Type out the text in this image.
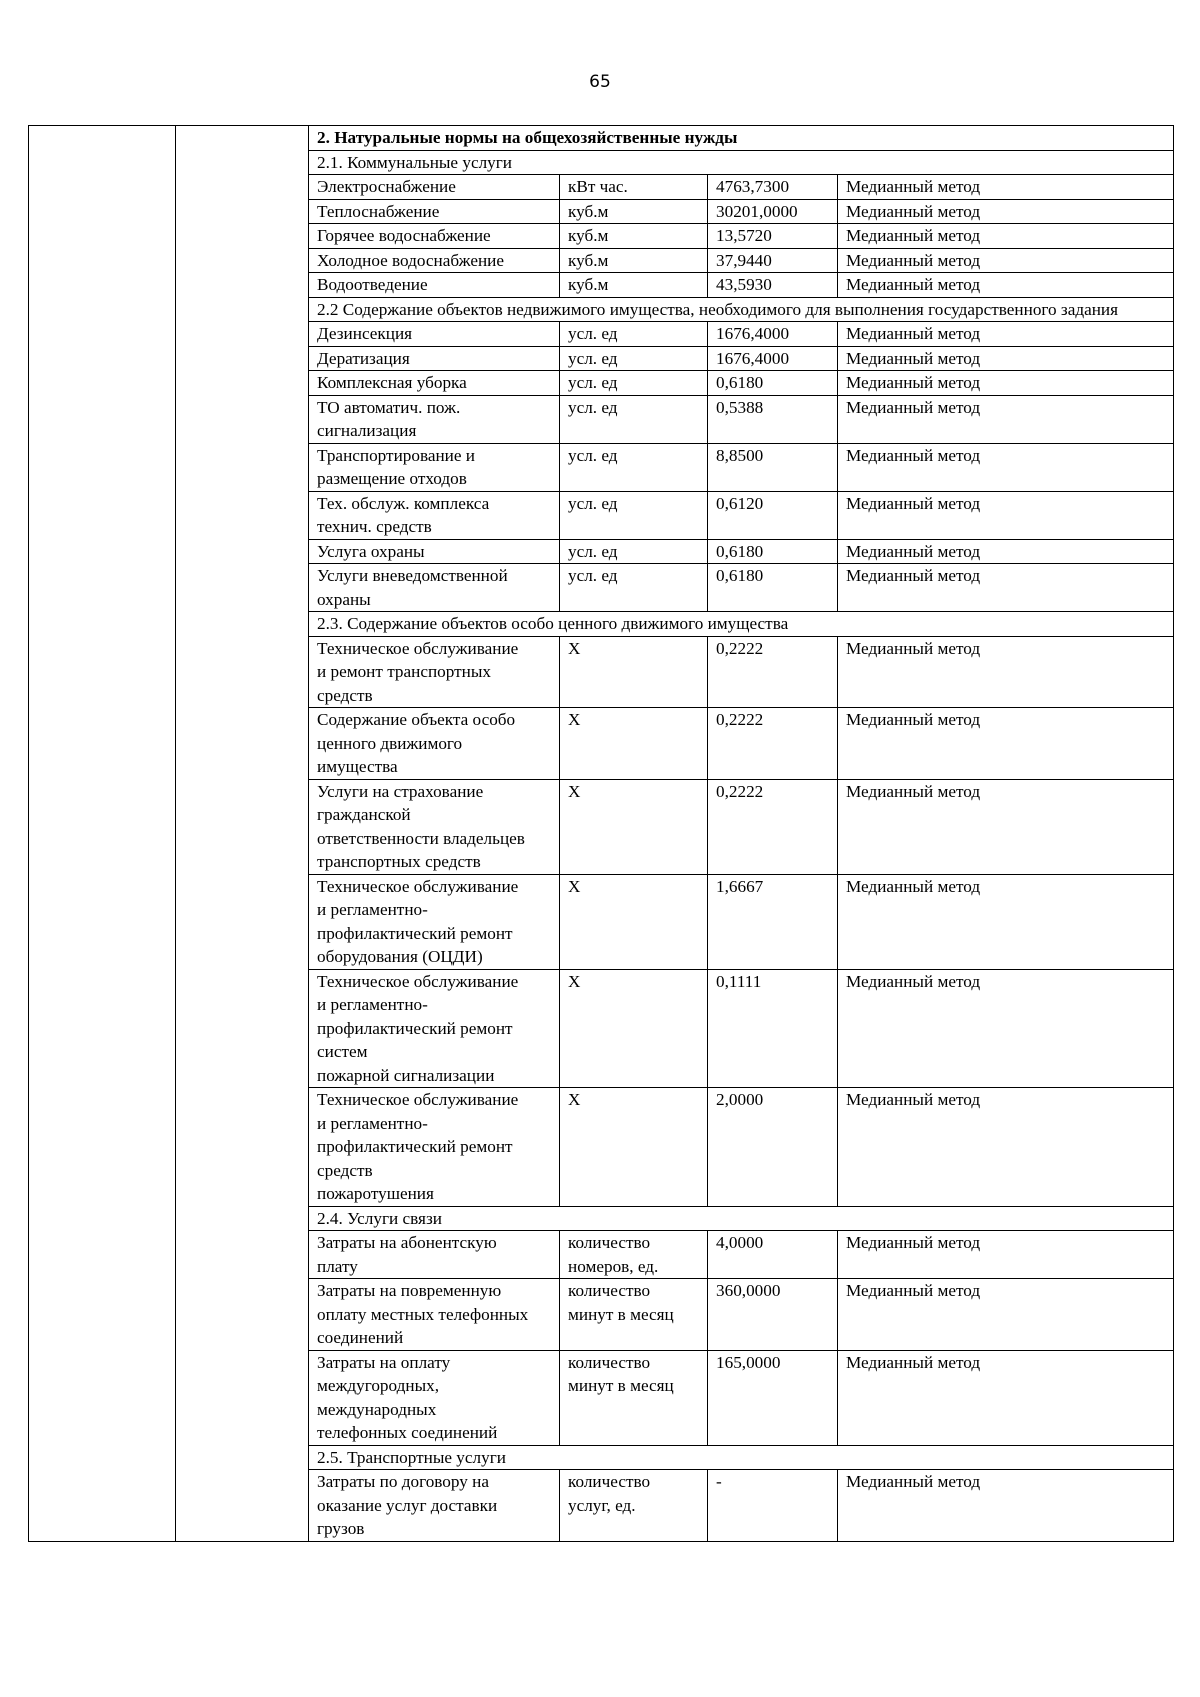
65
		2. Натуральные нормы на общехозяйственные нужды			
		2.1. Коммунальные услуги			
		Электроснабжение	кВт час.	4763,7300	Медианный метод
		Теплоснабжение	куб.м	30201,0000	Медианный метод
		Горячее водоснабжение	куб.м	13,5720	Медианный метод
		Холодное водоснабжение	куб.м	37,9440	Медианный метод
		Водоотведение	куб.м	43,5930	Медианный метод
		2.2 Содержание объектов недвижимого имущества, необходимого для выполнения государственного задания			
		Дезинсекция	усл. ед	1676,4000	Медианный метод
		Дератизация	усл. ед	1676,4000	Медианный метод
		Комплексная уборка	усл. ед	0,6180	Медианный метод
		ТО автоматич. пож.
сигнализация	усл. ед	0,5388	Медианный метод
		Транспортирование и
размещение отходов	усл. ед	8,8500	Медианный метод
		Тех. обслуж. комплекса
технич. средств	усл. ед	0,6120	Медианный метод
		Услуга охраны	усл. ед	0,6180	Медианный метод
		Услуги вневедомственной
охраны	усл. ед	0,6180	Медианный метод
		2.3. Содержание объектов особо ценного движимого имущества			
		Техническое обслуживание
и ремонт транспортных
средств	X	0,2222	Медианный метод
		Содержание объекта особо
ценного движимого
имущества	X	0,2222	Медианный метод
		Услуги на страхование
гражданской
ответственности владельцев
транспортных средств	X	0,2222	Медианный метод
		Техническое обслуживание
и регламентно-
профилактический ремонт
оборудования (ОЦДИ)	X	1,6667	Медианный метод
		Техническое обслуживание
и регламентно-
профилактический ремонт
систем
пожарной сигнализации	X	0,1111	Медианный метод
		Техническое обслуживание
и регламентно-
профилактический ремонт
средств
пожаротушения	X	2,0000	Медианный метод
		2.4. Услуги связи			
		Затраты на абонентскую
плату	количество
номеров, ед.	4,0000	Медианный метод
		Затраты на повременную
оплату местных телефонных
соединений	количество
минут в месяц	360,0000	Медианный метод
		Затраты на оплату
междугородных,
международных
телефонных соединений	количество
минут в месяц	165,0000	Медианный метод
		2.5. Транспортные услуги			
		Затраты по договору на
оказание услуг доставки
грузов	количество
услуг, ед.	-	Медианный метод
